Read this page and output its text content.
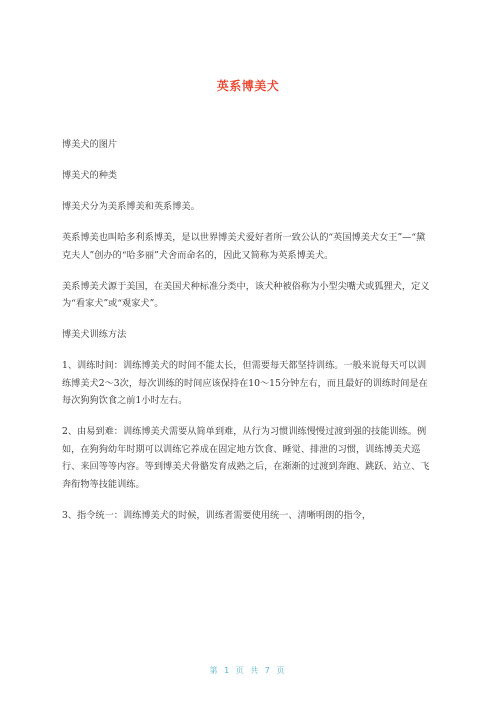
英系博美犬

博美犬的图片

博美犬的种类

博美犬分为美系博美和英系博美。

英系博美也叫哈多利系博美，是以世界博美犬爱好者所一致公认的“英国博美犬女王”—“黛克夫人”创办的“哈多丽”犬舍而命名的，因此又简称为英系博美犬。

美系博美犬源于美国，在美国犬种标准分类中，该犬种被俗称为小型尖嘴犬或狐狸犬，定义为“看家犬”或“观家犬”。

博美犬训练方法

1、训练时间：训练博美犬的时间不能太长，但需要每天都坚持训练。一般来说每天可以训练博美犬2～3次，每次训练的时间应该保持在10～15分钟左右，而且最好的训练时间是在每次狗狗饮食之前1小时左右。

2、由易到难：训练博美犬需要从简单到难，从行为习惯训练慢慢过渡到强的技能训练。例如，在狗狗幼年时期可以训练它养成在固定地方饮食、睡觉、排泄的习惯，训练博美犬巡行、来回等等内容。等到博美犬骨骼发育成熟之后，在渐渐的过渡到奔跑、跳跃、站立、飞奔衔物等技能训练。

3、指令统一：训练博美犬的时候，训练者需要使用统一、清晰明朗的指令，

第 1 页 共 7 页
